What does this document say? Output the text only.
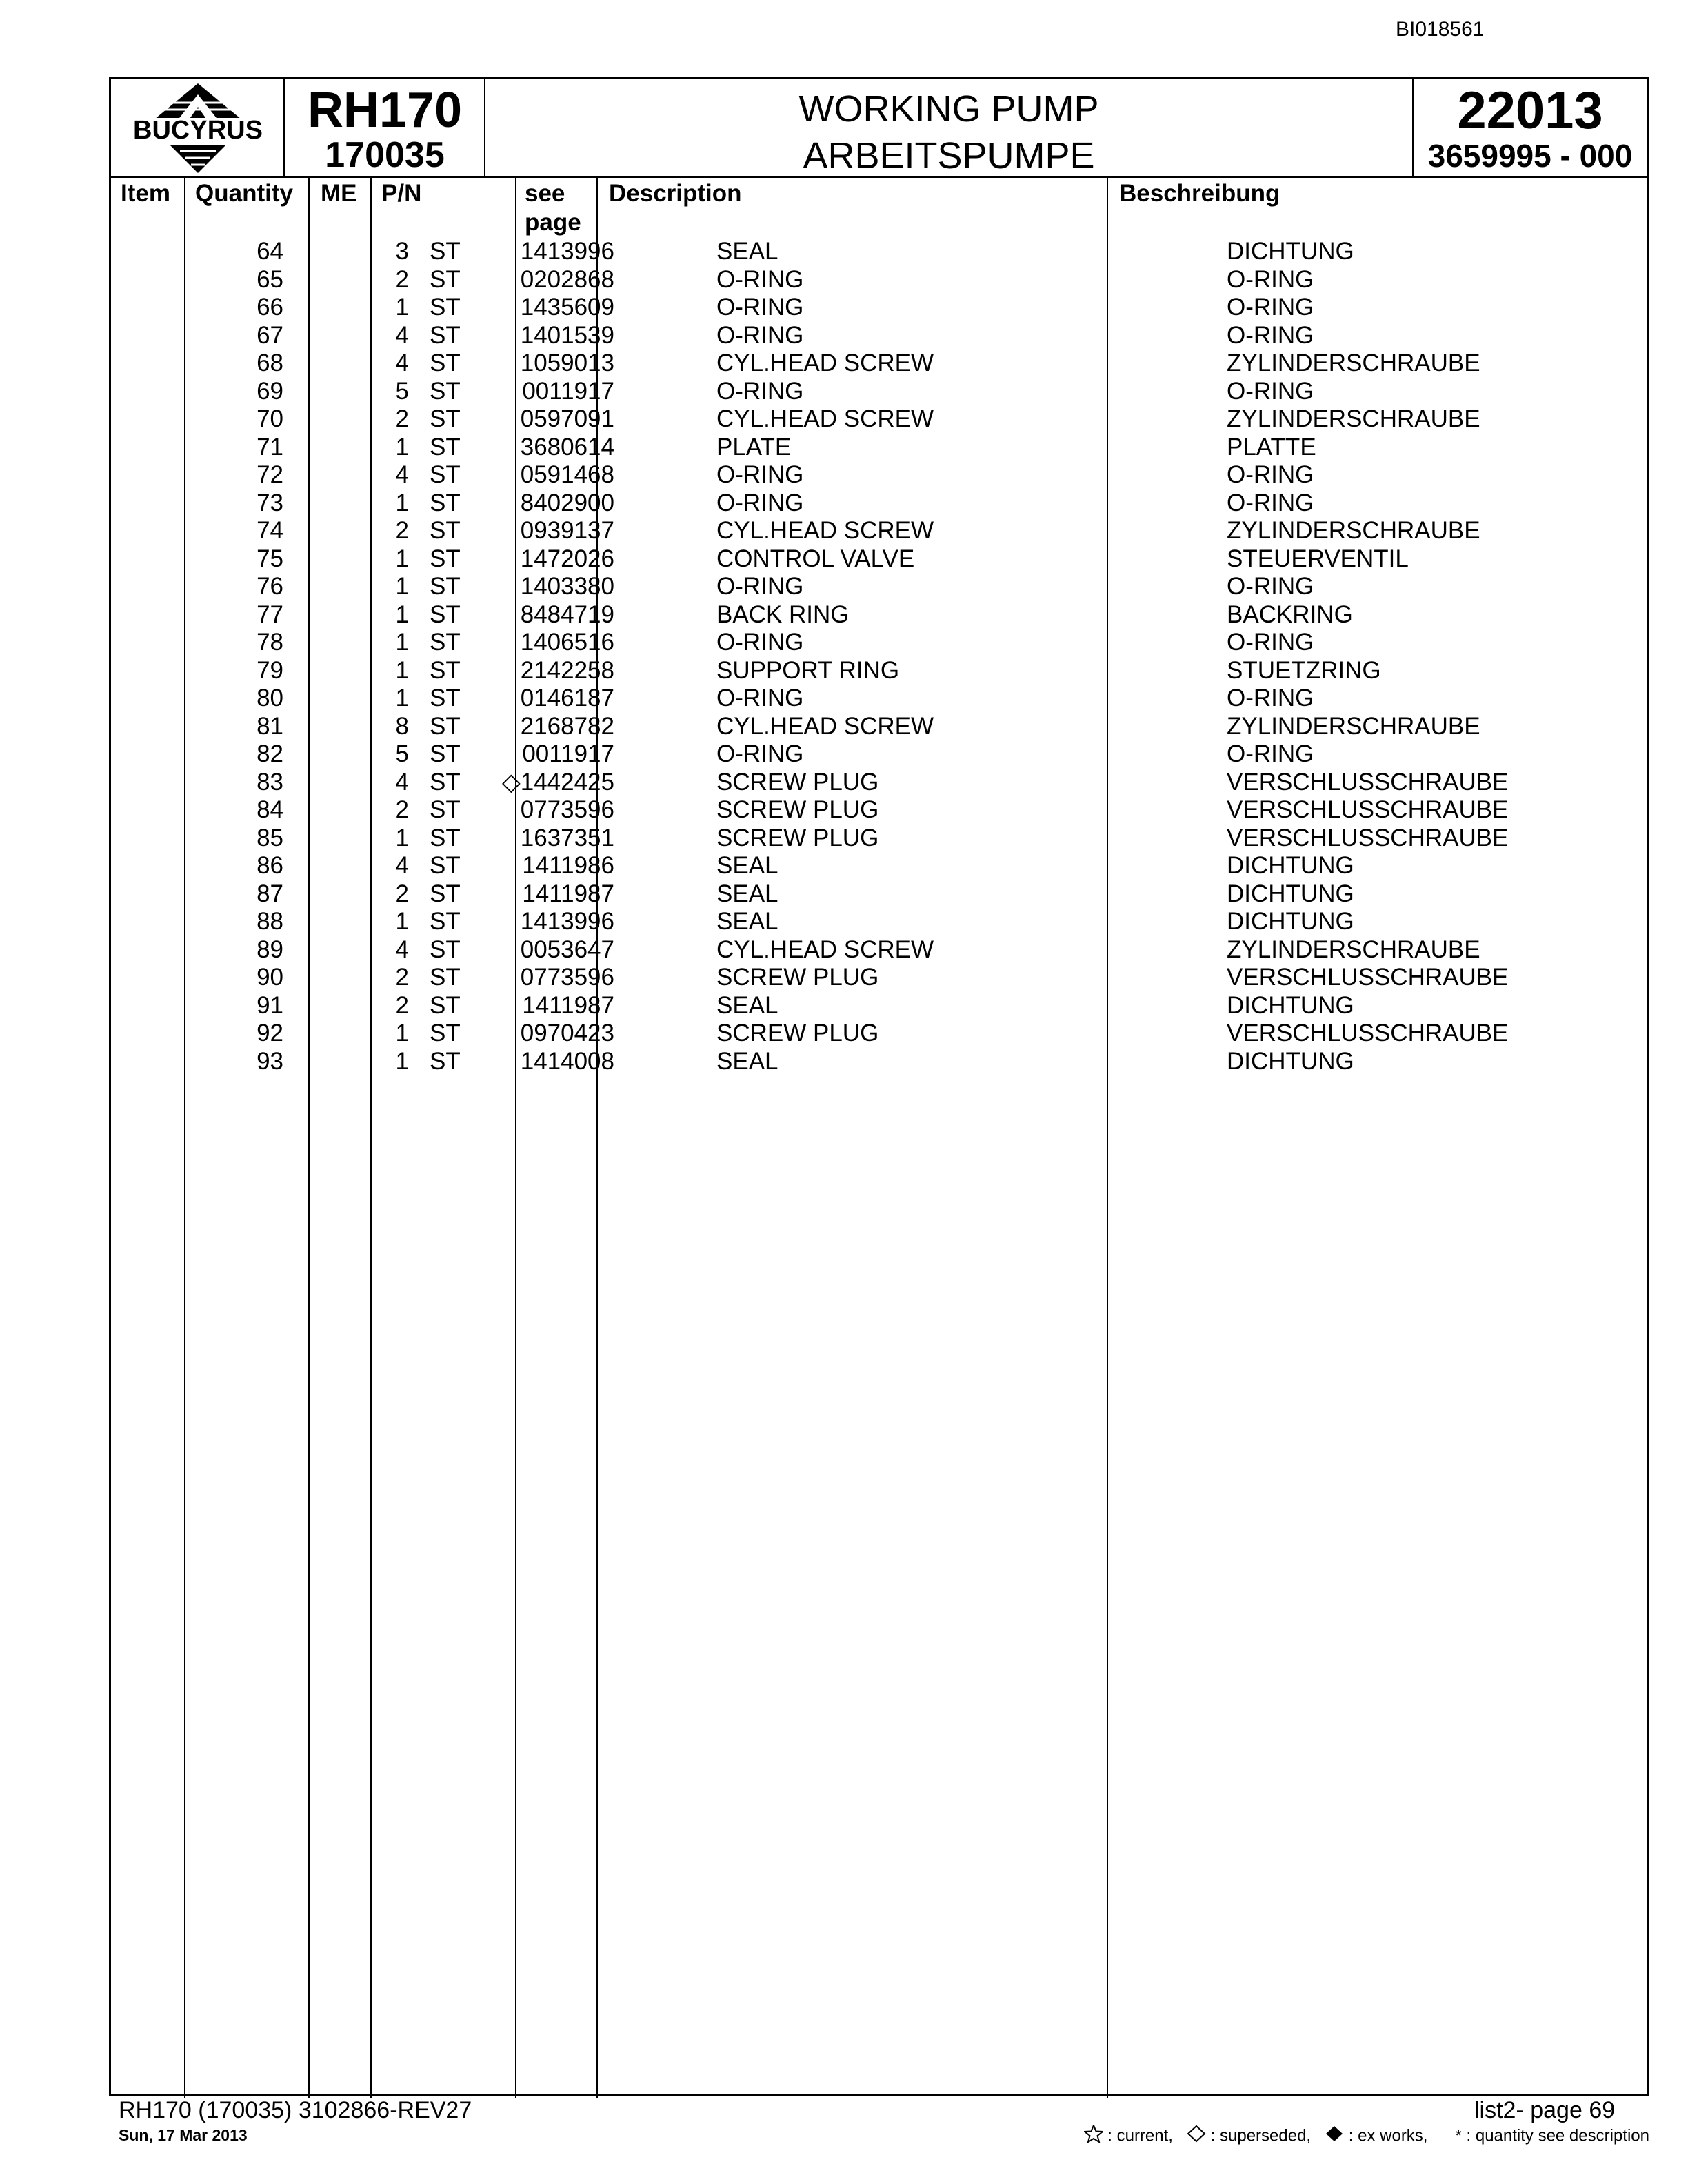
BI018561
BUCYRUS RH170
170035
WORKING PUMP
ARBEITSPUMPE
22013
3659995 - 000
Item Quantity ME P/N	see
page
Description	Beschreibung
64	3 ST 1413996	SEAL	DICHTUNG
65	2 ST 0202868	O-RING	O-RING
66	1 ST 1435609	O-RING	O-RING
67	4 ST 1401539	O-RING	O-RING
68	4 ST 1059013	CYL.HEAD SCREW	ZYLINDERSCHRAUBE
69	5 ST	0011917	O-RING	O-RING
70	2 ST 0597091	CYL.HEAD SCREW	ZYLINDERSCHRAUBE
71	1 ST 3680614	PLATE	PLATTE
72	4 ST 0591468	O-RING	O-RING
73	1 ST 8402900	O-RING	O-RING
74	2 ST 0939137	CYL.HEAD SCREW	ZYLINDERSCHRAUBE
75	1 ST 1472026	CONTROL VALVE	STEUERVENTIL
76	1 ST 1403380	O-RING	O-RING
77	1 ST 8484719	BACK RING	BACKRING
78	1 ST 1406516	O-RING	O-RING
79	1 ST 2142258	SUPPORT RING	STUETZRING
80	1 ST 0146187	O-RING	O-RING
81	8 ST 2168782	CYL.HEAD SCREW	ZYLINDERSCHRAUBE
82	5 ST	0011917	O-RING	O-RING
83	4 ST ◇1442425	SCREW PLUG	VERSCHLUSSCHRAUBE
84	2 ST 0773596	SCREW PLUG	VERSCHLUSSCHRAUBE
85	1 ST 1637351	SCREW PLUG	VERSCHLUSSCHRAUBE
86	4 ST	1411986	SEAL	DICHTUNG
87	2 ST	1411987	SEAL	DICHTUNG
88	1 ST 1413996	SEAL	DICHTUNG
89	4 ST 0053647	CYL.HEAD SCREW	ZYLINDERSCHRAUBE
90	2 ST 0773596	SCREW PLUG	VERSCHLUSSCHRAUBE
91	2 ST	1411987	SEAL	DICHTUNG
92	1 ST 0970423	SCREW PLUG	VERSCHLUSSCHRAUBE
93	1 ST 1414008	SEAL	DICHTUNG
RH170 (170035) 3102866-REV27
Sun, 17 Mar 2013
list2- page 69
: current, : superseded, : ex works, * : quantity see description
